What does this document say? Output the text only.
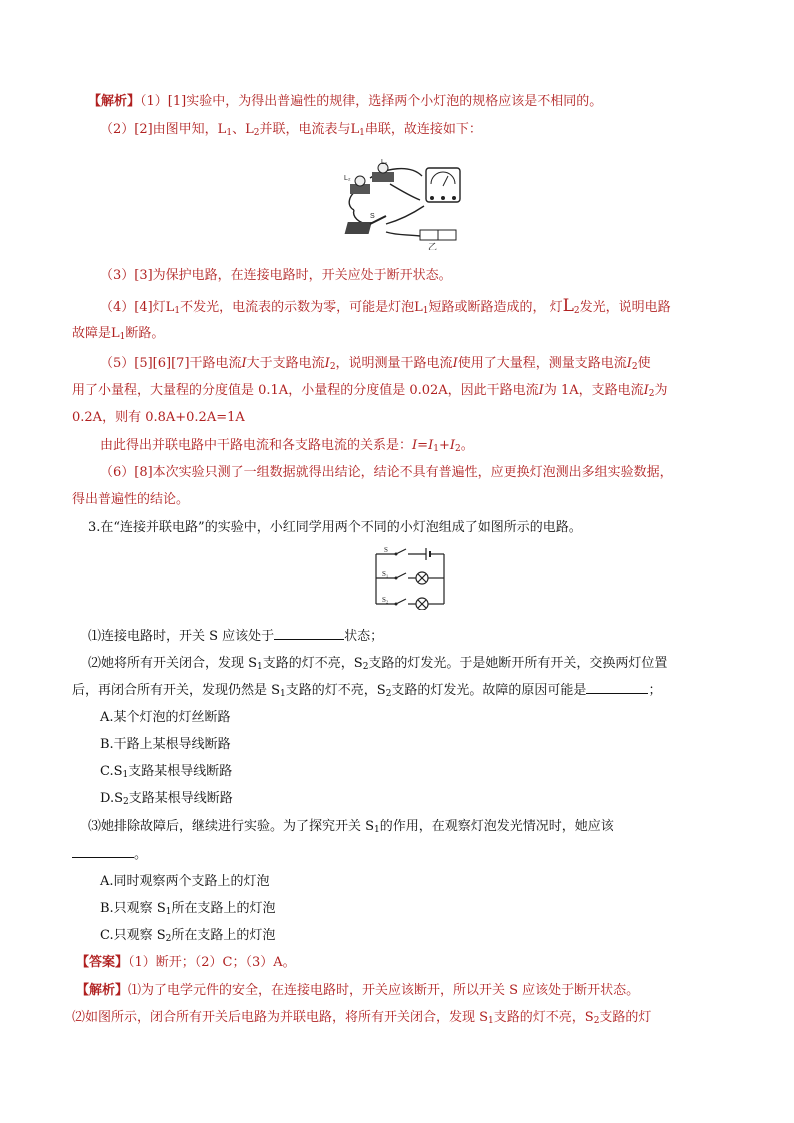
【解析】（1）[1]实验中，为得出普遍性的规律，选择两个小灯泡的规格应该是不相同的。
（2）[2]由图甲知，$L_1$、$L_2$并联，电流表与$L_1$串联，故连接如下：
L₁
L₂
S
乙
（3）[3]为保护电路，在连接电路时，开关应处于断开状态。
（4）[4]灯$L_1$不发光，电流表的示数为零，可能是灯泡$L_1$短路或断路造成的， 灯$L_2$发光，说明电路
故障是$L_1$断路。
（5）[5][6][7]干路电流I大于支路电流$I_2$，说明测量干路电流I使用了大量程，测量支路电流$I_2$使
用了小量程，大量程的分度值是 0.1A，小量程的分度值是 0.02A，因此干路电流I为 1A，支路电流$I_2$为
0.2A，则有 0.8A+0.2A=1A
由此得出并联电路中干路电流和各支路电流的关系是：$I=I_1+I_2$。
（6）[8]本次实验只测了一组数据就得出结论，结论不具有普遍性，应更换灯泡测出多组实验数据，
得出普遍性的结论。
3.在“连接并联电路”的实验中，小红同学用两个不同的小灯泡组成了如图所示的电路。
S
S₁
S₂
⑴连接电路时，开关 S 应该处于	状态；
⑵她将所有开关闭合，发现 $S_1$支路的灯不亮，$S_2$支路的灯发光。于是她断开所有开关，交换两灯位置
后，再闭合所有开关，发现仍然是 $S_1$支路的灯不亮，$S_2$支路的灯发光。故障的原因可能是	；
A.某个灯泡的灯丝断路
B.干路上某根导线断路
$C.S_1$支路某根导线断路
$D.S_2$支路某根导线断路
⑶她排除故障后，继续进行实验。为了探究开关 $S_1$的作用，在观察灯泡发光情况时，她应该
。
A.同时观察两个支路上的灯泡
B.只观察 $S_1$所在支路上的灯泡
C.只观察 $S_2$所在支路上的灯泡
【答案】（1）断开；（2）C；（3）A。
【解析】⑴为了电学元件的安全，在连接电路时，开关应该断开，所以开关 S 应该处于断开状态。
⑵如图所示，闭合所有开关后电路为并联电路，将所有开关闭合，发现 $S_1$支路的灯不亮，$S_2$支路的灯
